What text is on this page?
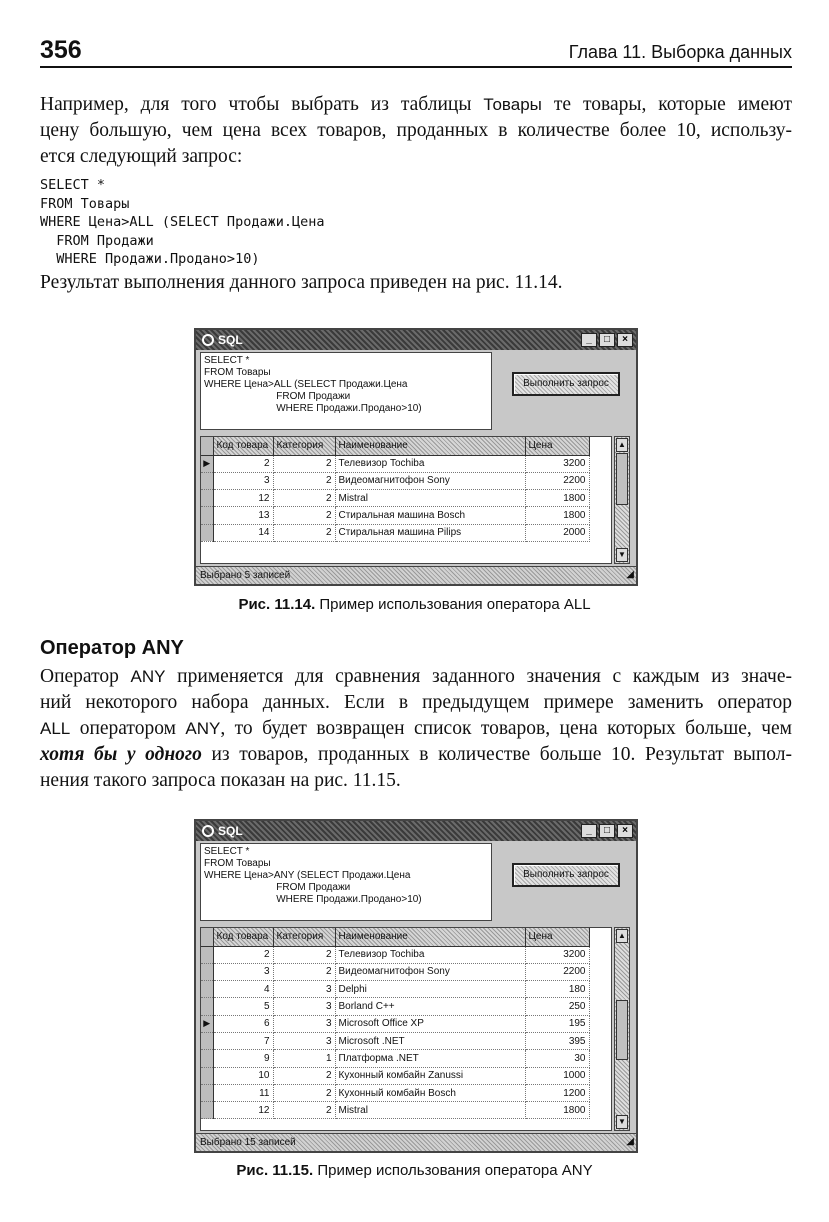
356	Глава 11. Выборка данных
Например, для того чтобы выбрать из таблицы Товары те товары, которые имеют
цену большую, чем цена всех товаров, проданных в количестве более 10, использу-
ется следующий запрос:
SELECT *
FROM Товары
WHERE Цена>ALL (SELECT Продажи.Цена
FROM Продажи
WHERE Продажи.Продано>10)
Результат выполнения данного запроса приведен на рис. 11.14.
SQL	_	□	×
SELECT *
FROM Товары
WHERE Цена>ALL (SELECT Продажи.Цена
FROM Продажи
WHERE Продажи.Продано>10)
Выполнить запрос
	Код товара	Категория	Наименование	Цена
▶	2	2	Телевизор Tochiba	3200
	3	2	Видеомагнитофон Sony	2200
	12	2	Mistral	1800
	13	2	Стиральная машина Bosch	1800
	14	2	Стиральная машина Pilips	2000
▲
▼
Выбрано 5 записей	◢
Рис. 11.14. Пример использования оператора ALL
Оператор ANY
Оператор ANY применяется для сравнения заданного значения с каждым из значе-
ний некоторого набора данных. Если в предыдущем примере заменить оператор
ALL оператором ANY, то будет возвращен список товаров, цена которых больше, чем
хотя бы у одного из товаров, проданных в количестве больше 10. Результат выпол-
нения такого запроса показан на рис. 11.15.
SQL	_	□	×
SELECT *
FROM Товары
WHERE Цена>ANY (SELECT Продажи.Цена
FROM Продажи
WHERE Продажи.Продано>10)
Выполнить запрос
	Код товара	Категория	Наименование	Цена
	2	2	Телевизор Tochiba	3200
	3	2	Видеомагнитофон Sony	2200
	4	3	Delphi	180
	5	3	Borland C++	250
▶	6	3	Microsoft Office XP	195
	7	3	Microsoft .NET	395
	9	1	Платформа .NET	30
	10	2	Кухонный комбайн Zanussi	1000
	11	2	Кухонный комбайн Bosch	1200
	12	2	Mistral	1800
▲
▼
Выбрано 15 записей	◢
Рис. 11.15. Пример использования оператора ANY
